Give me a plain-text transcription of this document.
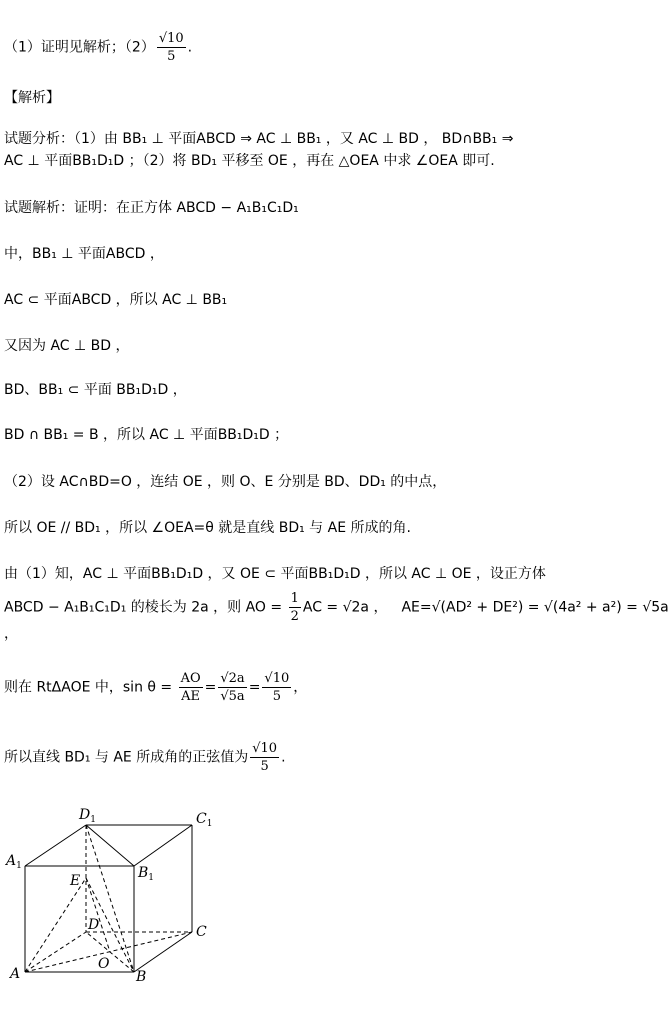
（1）证明见解析；$(2) \frac{√10}{5}$ .
【解析】
试题分析：（1）由 BB₁ ⊥ 平面ABCD ⇒ AC ⊥ BB₁ ，又 AC ⊥ BD ， BD∩BB₁ ⇒
AC ⊥ 平面BB₁D₁D ；（2）将 BD₁ 平移至 OE ，再在 △OEA 中求 ∠OEA 即可.
试题解析：证明：在正方体 ABCD − A₁B₁C₁D₁
中，BB₁ ⊥ 平面ABCD ，
AC ⊂ 平面ABCD ，所以 AC ⊥ BB₁
又因为 AC ⊥ BD ，
BD、BB₁ ⊂ 平面 BB₁D₁D ，
BD ∩ BB₁ = B ，所以 AC ⊥ 平面BB₁D₁D ；
（2）设 AC∩BD=O ，连结 OE ，则 O、E 分别是 BD、DD₁ 的中点，
所以 OE // BD₁ ，所以 ∠OEA=θ 就是直线 BD₁ 与 AE 所成的角.
由（1）知，AC ⊥ 平面BB₁D₁D ，又 OE ⊂ 平面BB₁D₁D ，所以 AC ⊥ OE ，设正方体
ABCD − A₁B₁C₁D₁ 的棱长为 2a ，则 AO = $\frac{1}{2}$ AC = √2a ， AE=√(AD² + DE²) = √(4a² + a²) = √5a
，
则在 RtΔAOE 中，$\sin \theta = \frac{AO}{AE} = \frac{√2a}{√5a} = \frac{√10}{5}$ ，
所以直线 BD₁ 与 AE 所成角的正弦值为 $\frac{√10}{5}$ .
$D_1$	$C_1$
$A_1$	$B_1$
E
D	C
O
A	B
